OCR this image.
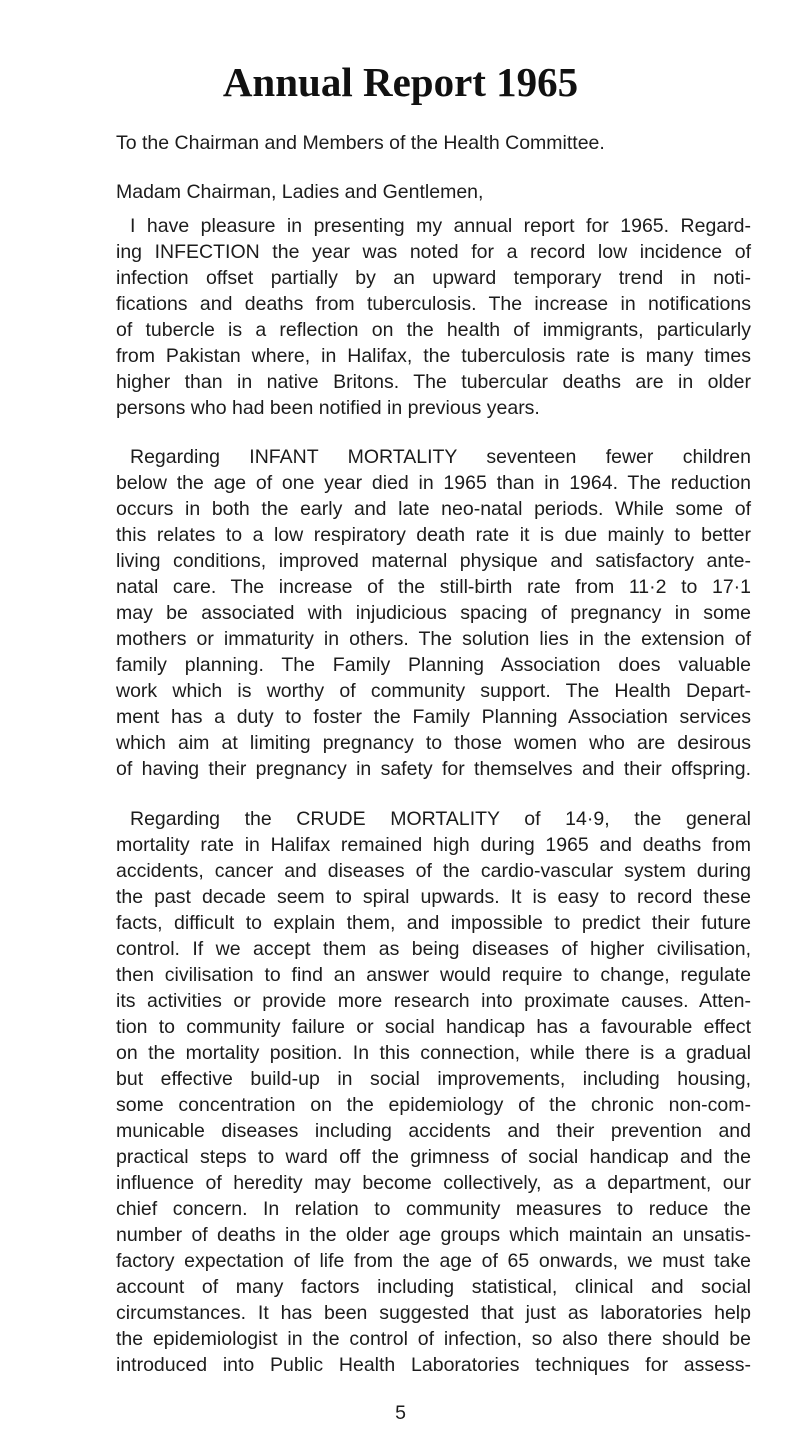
Annual Report 1965

To the Chairman and Members of the Health Committee.

Madam Chairman, Ladies and Gentlemen,

I have pleasure in presenting my annual report for 1965. Regard-

ing INFECTION the year was noted for a record low incidence of

infection offset partially by an upward temporary trend in noti-

fications and deaths from tuberculosis. The increase in notifications

of tubercle is a reflection on the health of immigrants, particularly

from Pakistan where, in Halifax, the tuberculosis rate is many times

higher than in native Britons. The tubercular deaths are in older

persons who had been notified in previous years.

Regarding INFANT MORTALITY seventeen fewer children

below the age of one year died in 1965 than in 1964. The reduction

occurs in both the early and late neo-natal periods. While some of

this relates to a low respiratory death rate it is due mainly to better

living conditions, improved maternal physique and satisfactory ante-

natal care. The increase of the still-birth rate from 11·2 to 17·1

may be associated with injudicious spacing of pregnancy in some

mothers or immaturity in others. The solution lies in the extension of

family planning. The Family Planning Association does valuable

work which is worthy of community support. The Health Depart-

ment has a duty to foster the Family Planning Association services

which aim at limiting pregnancy to those women who are desirous

of having their pregnancy in safety for themselves and their offspring.

Regarding the CRUDE MORTALITY of 14·9, the general

mortality rate in Halifax remained high during 1965 and deaths from

accidents, cancer and diseases of the cardio-vascular system during

the past decade seem to spiral upwards. It is easy to record these

facts, difficult to explain them, and impossible to predict their future

control. If we accept them as being diseases of higher civilisation,

then civilisation to find an answer would require to change, regulate

its activities or provide more research into proximate causes. Atten-

tion to community failure or social handicap has a favourable effect

on the mortality position. In this connection, while there is a gradual

but effective build-up in social improvements, including housing,

some concentration on the epidemiology of the chronic non-com-

municable diseases including accidents and their prevention and

practical steps to ward off the grimness of social handicap and the

influence of heredity may become collectively, as a department, our

chief concern. In relation to community measures to reduce the

number of deaths in the older age groups which maintain an unsatis-

factory expectation of life from the age of 65 onwards, we must take

account of many factors including statistical, clinical and social

circumstances. It has been suggested that just as laboratories help

the epidemiologist in the control of infection, so also there should be

introduced into Public Health Laboratories techniques for assess-

5
